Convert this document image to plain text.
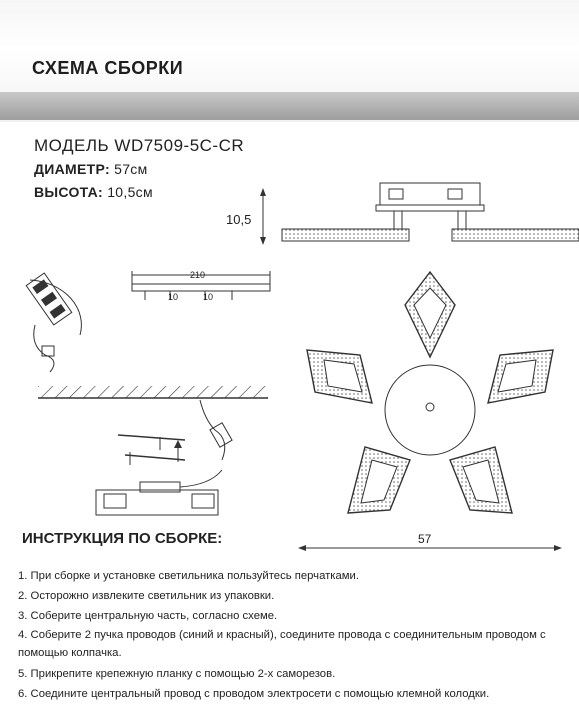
СХЕМА СБОРКИ
МОДЕЛЬ WD7509-5C-CR
ДИАМЕТР: 57см
ВЫСОТА: 10,5см
10,5
210
10	10
57
ИНСТРУКЦИЯ ПО СБОРКЕ:
1. При сборке и установке светильника пользуйтесь перчатками.
2. Осторожно извлеките светильник из упаковки.
3. Соберите центральную часть, согласно схеме.
4. Соберите 2 пучка проводов (синий и красный), соедините провода с соединительным проводом с помощью колпачка.
5. Прикрепите крепежную планку с помощью 2-х саморезов.
6. Соедините центральный провод с проводом электросети с помощью клемной колодки.
